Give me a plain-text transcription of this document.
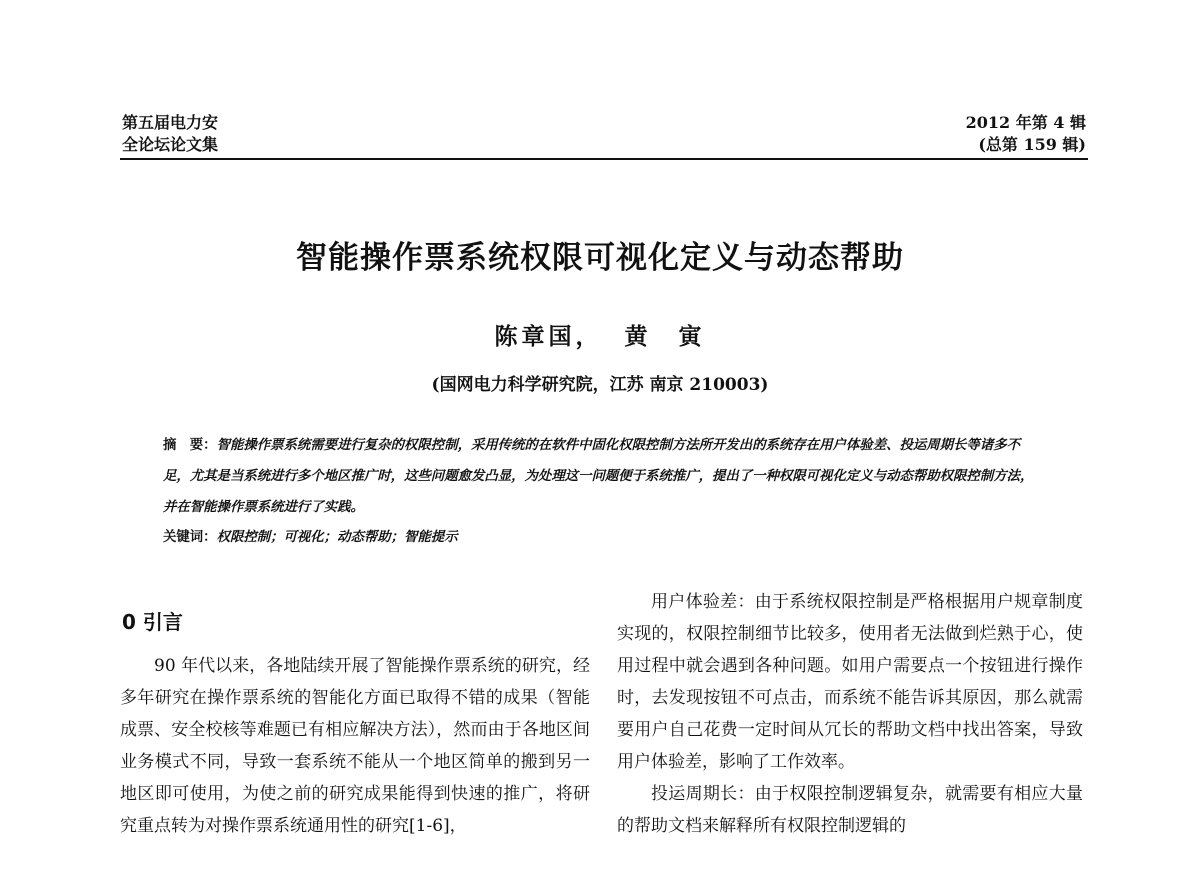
第五届电力安
全论坛论文集
2012 年第 4 辑
(总第 159 辑)
智能操作票系统权限可视化定义与动态帮助
陈章国， 黄　寅
(国网电力科学研究院，江苏 南京 210003)
摘　要：智能操作票系统需要进行复杂的权限控制，采用传统的在软件中固化权限控制方法所开发出的系统存在用户体验差、投运周期长等诸多不足，尤其是当系统进行多个地区推广时，这些问题愈发凸显，为处理这一问题便于系统推广，提出了一种权限可视化定义与动态帮助权限控制方法，并在智能操作票系统进行了实践。
关键词：权限控制；可视化；动态帮助；智能提示
0 引言

90 年代以来，各地陆续开展了智能操作票系统的研究，经多年研究在操作票系统的智能化方面已取得不错的成果（智能成票、安全校核等难题已有相应解决方法），然而由于各地区间业务模式不同，导致一套系统不能从一个地区简单的搬到另一地区即可使用，为使之前的研究成果能得到快速的推广，将研究重点转为对操作票系统通用性的研究[1-6]，

用户体验差：由于系统权限控制是严格根据用户规章制度实现的，权限控制细节比较多，使用者无法做到烂熟于心，使用过程中就会遇到各种问题。如用户需要点一个按钮进行操作时，去发现按钮不可点击，而系统不能告诉其原因，那么就需要用户自己花费一定时间从冗长的帮助文档中找出答案，导致用户体验差，影响了工作效率。

投运周期长：由于权限控制逻辑复杂，就需要有相应大量的帮助文档来解释所有权限控制逻辑的
